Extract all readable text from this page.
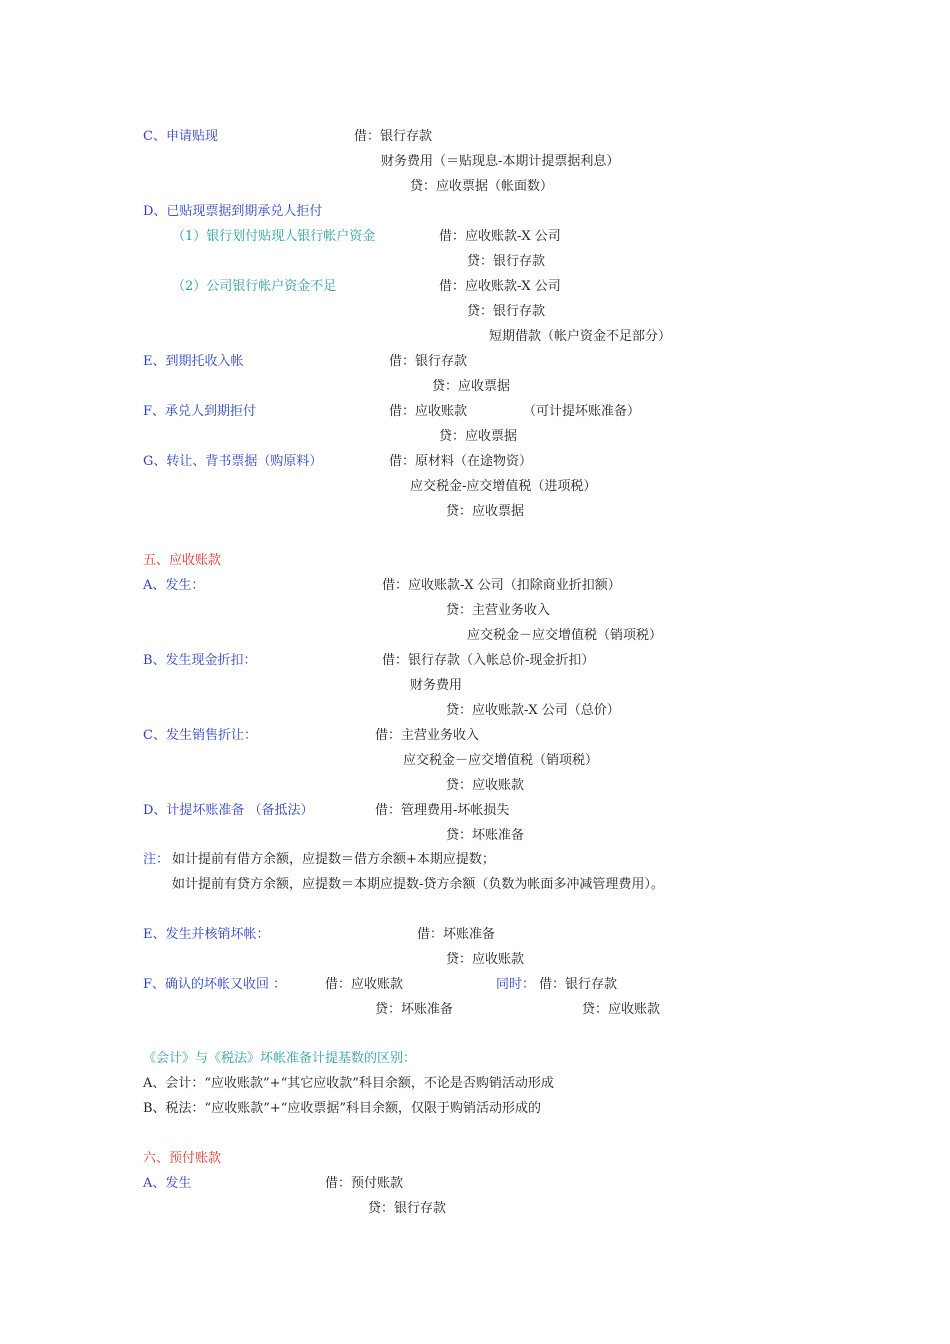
C、申请贴现	借：银行存款
财务费用（＝贴现息-本期计提票据利息）
贷：应收票据（帐面数）
D、已贴现票据到期承兑人拒付
（1）银行划付贴现人银行帐户资金	借：应收账款-X 公司
贷：银行存款
（2）公司银行帐户资金不足	借：应收账款-X 公司
贷：银行存款
短期借款（帐户资金不足部分）
E、到期托收入帐	借：银行存款
贷：应收票据
F、承兑人到期拒付	借：应收账款	（可计提坏账准备）
贷：应收票据
G、转让、背书票据（购原料）	借：原材料（在途物资）
应交税金-应交增值税（进项税）
贷：应收票据
五、应收账款
A、发生：	借：应收账款-X 公司（扣除商业折扣额）
贷：主营业务收入
应交税金－应交增值税（销项税）
B、发生现金折扣：	借：银行存款（入帐总价-现金折扣）
财务费用
贷：应收账款-X 公司（总价）
C、发生销售折让：	借：主营业务收入
应交税金－应交增值税（销项税）
贷：应收账款
D、计提坏账准备 （备抵法）	借：管理费用-坏帐损失
贷：坏账准备
注： 如计提前有借方余额，应提数＝借方余额+本期应提数；
如计提前有贷方余额，应提数＝本期应提数-贷方余额（负数为帐面多冲减管理费用）。
E、发生并核销坏帐：	借：坏账准备
贷：应收账款
F、确认的坏帐又收回 ：	借：应收账款	同时： 借：银行存款
贷：坏账准备	贷：应收账款
《会计》与《税法》坏帐准备计提基数的区别：
A、会计：“应收账款”+“其它应收款”科目余额，不论是否购销活动形成
B、税法：“应收账款”+“应收票据”科目余额，仅限于购销活动形成的
六、预付账款
A、发生	借：预付账款
贷：银行存款
